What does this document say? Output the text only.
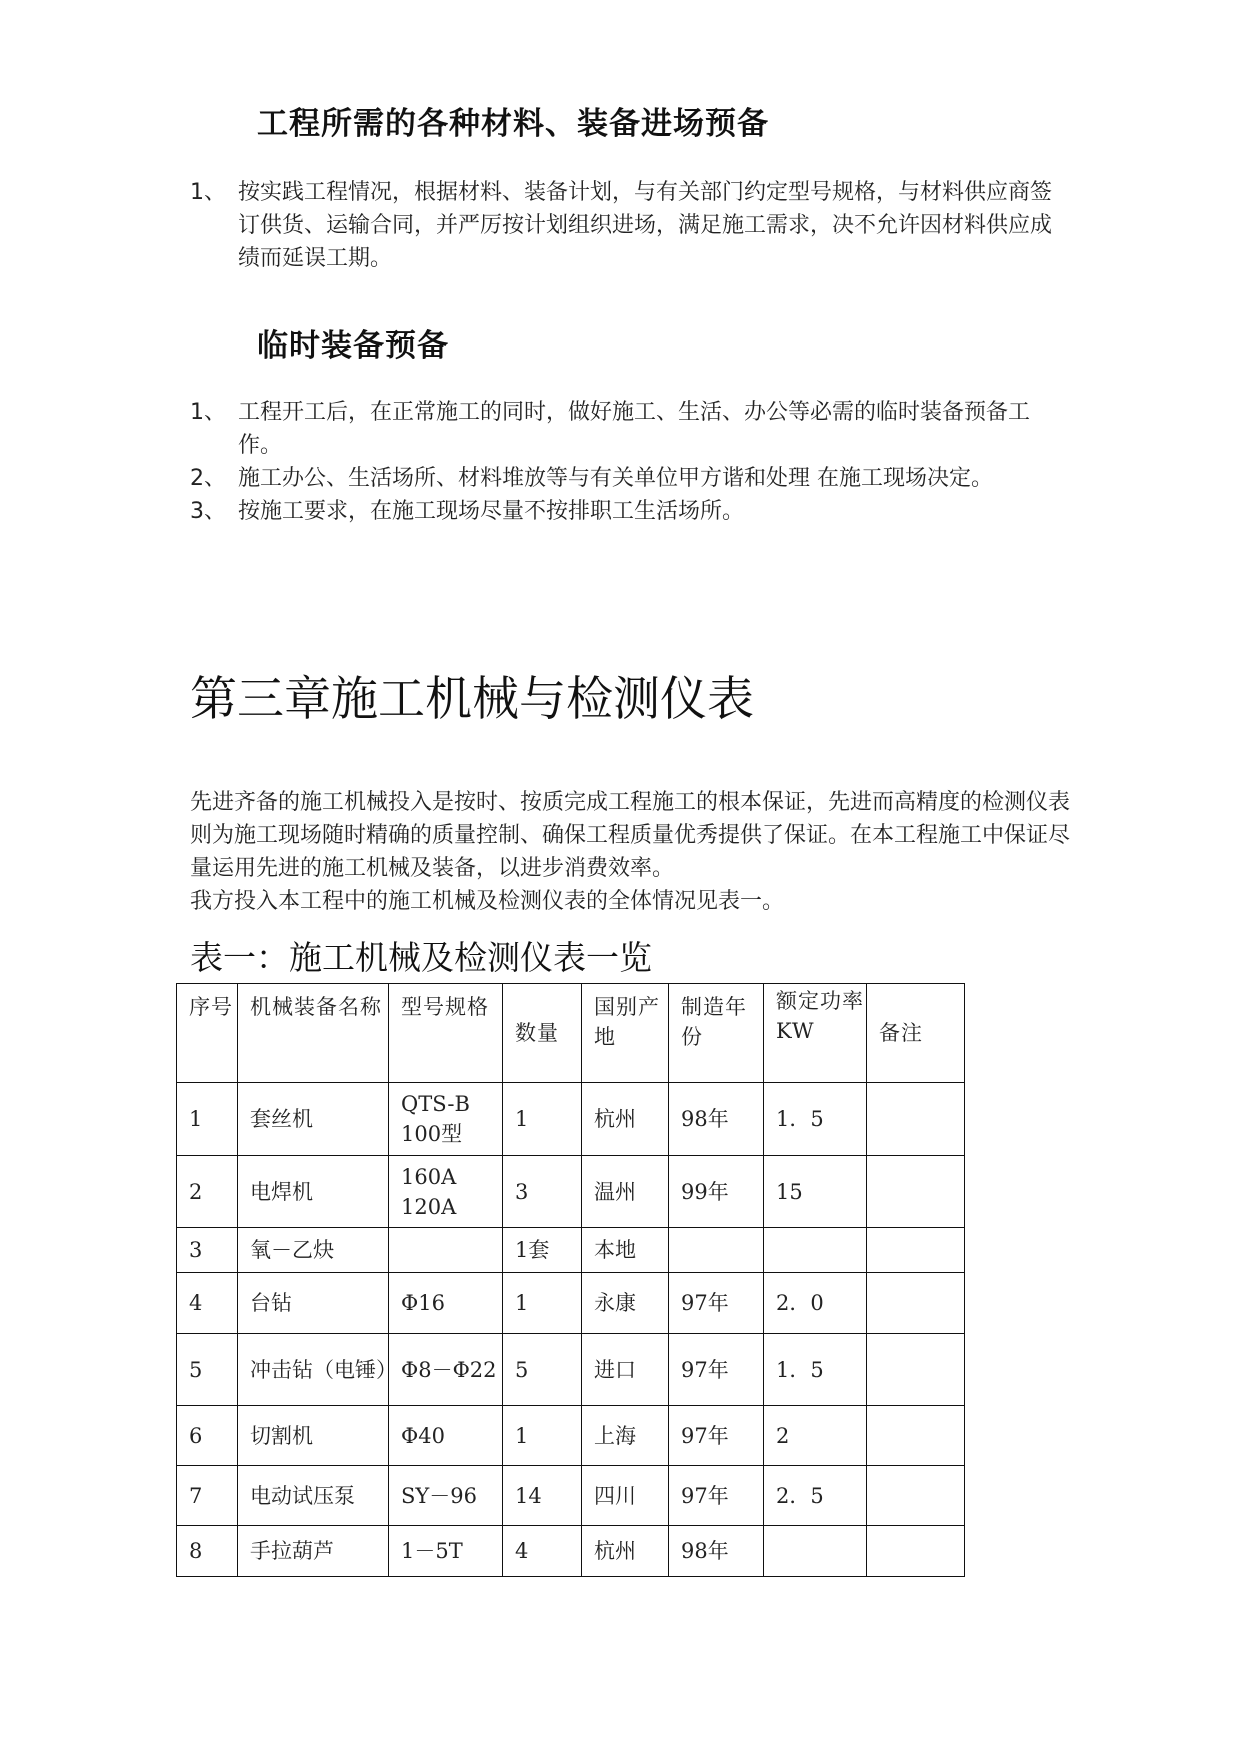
工程所需的各种材料、装备进场预备
1、 按实践工程情况，根据材料、装备计划，与有关部门约定型号规格，与材料供应商签订供货、运输合同，并严厉按计划组织进场，满足施工需求，决不允许因材料供应成绩而延误工期。
临时装备预备
1、 工程开工后，在正常施工的同时，做好施工、生活、办公等必需的临时装备预备工作。
2、 施工办公、生活场所、材料堆放等与有关单位甲方谐和处理 在施工现场决定。
3、 按施工要求，在施工现场尽量不按排职工生活场所。
第三章施工机械与检测仪表

先进齐备的施工机械投入是按时、按质完成工程施工的根本保证，先进而高精度的检测仪表则为施工现场随时精确的质量控制、确保工程质量优秀提供了保证。在本工程施工中保证尽量运用先进的施工机械及装备，以进步消费效率。

我方投入本工程中的施工机械及检测仪表的全体情况见表一。

表一：施工机械及检测仪表一览

序号	机械装备名称	型号规格	数量	国别产地	制造年份	额定功率KW	备注
1	套丝机	QTS-B 100型	1	杭州	98年	1．5	
2	电焊机	160A 120A	3	温州	99年	15	
3	氧－乙炔		1套	本地			
4	台钻	Φ16	1	永康	97年	2．0	
5	冲击钻（电锤）	Φ8－Φ22	5	进口	97年	1．5	
6	切割机	Φ40	1	上海	97年	2	
7	电动试压泵	SY－96	14	四川	97年	2．5	
8	手拉葫芦	1－5T	4	杭州	98年		
